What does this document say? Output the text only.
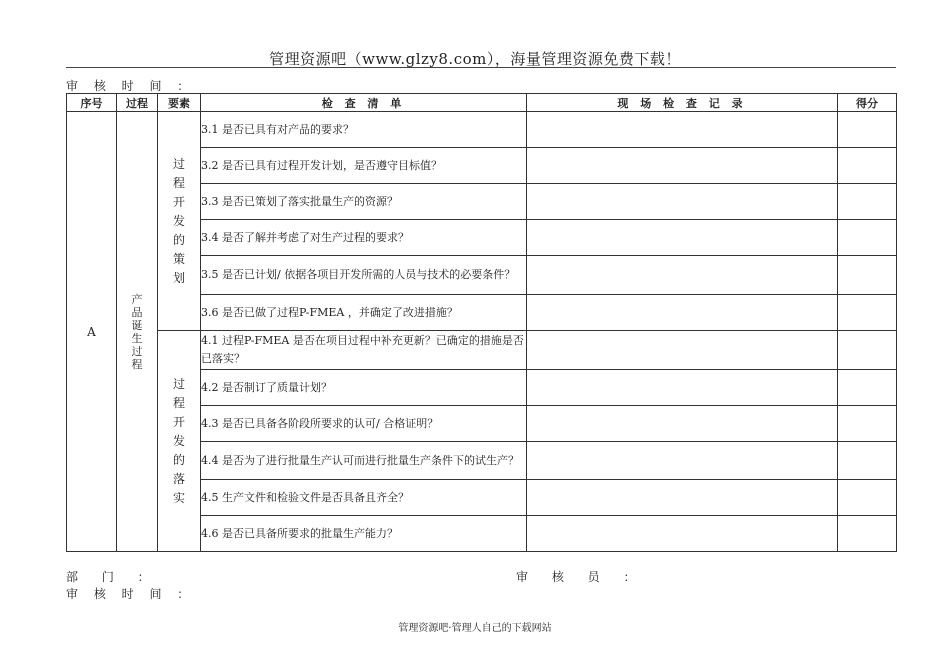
管理资源吧（www.glzy8.com），海量管理资源免费下载！
审 核 时 间 ：
序号	过程	要素	检 查 清 单	现 场 检 查 记 录	得分
A	产品诞生过程	过程开发的策划	3.1 是否已具有对产品的要求？		
			3.2 是否已具有过程开发计划，是否遵守目标值？		
			3.3 是否已策划了落实批量生产的资源？		
			3.4 是否了解并考虑了对生产过程的要求？		
			3.5 是否已计划/ 依据各项目开发所需的人员与技术的必要条件？		
			3.6 是否已做了过程P-FMEA ，并确定了改进措施？		
		过程开发的落实	4.1 过程P-FMEA 是否在项目过程中补充更新？已确定的措施是否已落实？		
			4.2 是否制订了质量计划？		
			4.3 是否已具备各阶段所要求的认可/ 合格证明？		
			4.4 是否为了进行批量生产认可而进行批量生产条件下的试生产？		
			4.5 生产文件和检验文件是否具备且齐全？		
			4.6 是否已具备所要求的批量生产能力？		
部 门 ：	审 核 员 ：
审 核 时 间 ：
管理资源吧·管理人自己的下载网站
